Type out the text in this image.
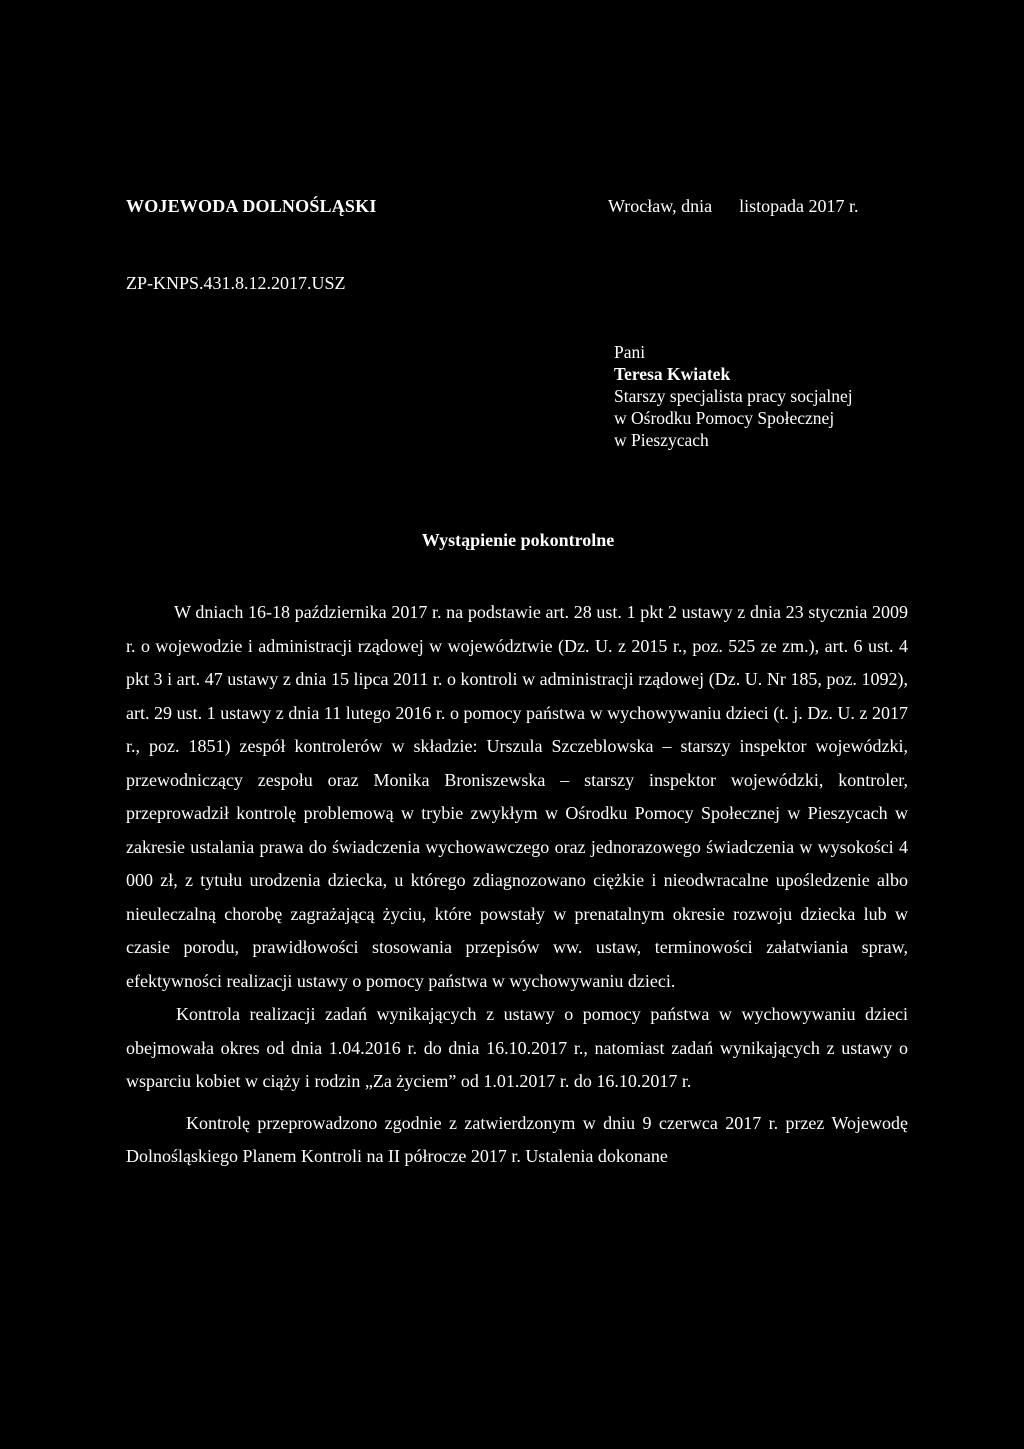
WOJEWODA DOLNOŚLĄSKI	Wrocław, dnia      listopada 2017 r.
ZP-KNPS.431.8.12.2017.USZ
Pani
Teresa Kwiatek
Starszy specjalista pracy socjalnej
w Ośrodku Pomocy Społecznej
w Pieszycach
Wystąpienie pokontrolne

W dniach 16-18 października 2017 r. na podstawie art. 28 ust. 1 pkt 2 ustawy z dnia 23 stycznia 2009 r. o wojewodzie i administracji rządowej w województwie (Dz. U. z 2015 r., poz. 525 ze zm.), art. 6 ust. 4 pkt 3 i art. 47 ustawy z dnia 15 lipca 2011 r. o kontroli w administracji rządowej (Dz. U. Nr 185, poz. 1092), art. 29 ust. 1 ustawy z dnia 11 lutego 2016 r. o pomocy państwa w wychowywaniu dzieci (t. j. Dz. U. z 2017 r., poz. 1851) zespół kontrolerów w składzie: Urszula Szczeblowska – starszy inspektor wojewódzki, przewodniczący zespołu oraz Monika Broniszewska – starszy inspektor wojewódzki, kontroler, przeprowadził kontrolę problemową w trybie zwykłym w Ośrodku Pomocy Społecznej w Pieszycach w zakresie ustalania prawa do świadczenia wychowawczego oraz jednorazowego świadczenia w wysokości 4 000 zł, z tytułu urodzenia dziecka, u którego zdiagnozowano ciężkie i nieodwracalne upośledzenie albo nieuleczalną chorobę zagrażającą życiu, które powstały w prenatalnym okresie rozwoju dziecka lub w czasie porodu, prawidłowości stosowania przepisów ww. ustaw, terminowości załatwiania spraw, efektywności realizacji ustawy o pomocy państwa w wychowywaniu dzieci.

Kontrola realizacji zadań wynikających z ustawy o pomocy państwa w wychowywaniu dzieci obejmowała okres od dnia 1.04.2016 r. do dnia 16.10.2017 r., natomiast zadań wynikających z ustawy o wsparciu kobiet w ciąży i rodzin „Za życiem” od 1.01.2017 r. do 16.10.2017 r.

Kontrolę przeprowadzono zgodnie z zatwierdzonym w dniu 9 czerwca 2017 r. przez Wojewodę Dolnośląskiego Planem Kontroli na II półrocze 2017 r. Ustalenia dokonane
